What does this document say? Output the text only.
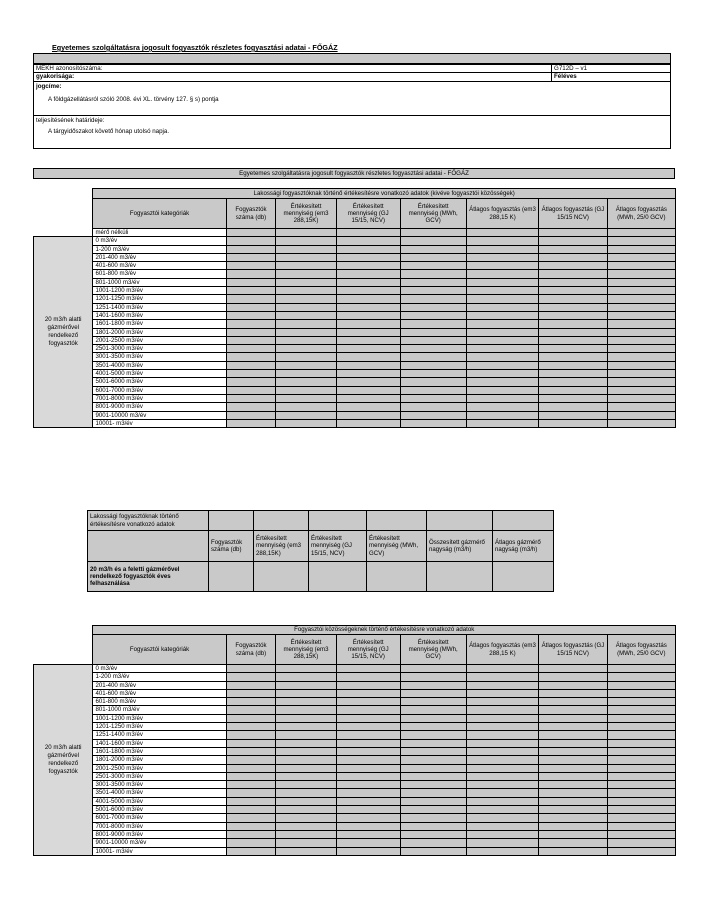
Egyetemes szolgáltatásra jogosult fogyasztók részletes fogyasztási adatai - FŐGÁZ
MEKH azonosítószáma:	G712D – v1
gyakorisága:	Féléves
jogcíme:
A földgázellátásról szóló 2008. évi XL. törvény 127. § s) pontja
teljesítésének határideje:
A tárgyidőszakot követő hónap utolsó napja.
Egyetemes szolgáltatásra jogosult fogyasztók részletes fogyasztási adatai - FŐGÁZ
	Lakossági fogyasztóknak történő értékesítésre vonatkozó adatok (kivéve fogyasztói közösségek)							
	Fogyasztói kategóriák	Fogyasztók száma (db)	Értékesített mennyiség (em3 288,15K)	Értékesített mennyiség (GJ 15/15, NCV)	Értékesített mennyiség (MWh, GCV)	Átlagos fogyasztás (em3 288,15 K)	Átlagos fogyasztás (GJ 15/15 NCV)	Átlagos fogyasztás (MWh, 25/0 GCV)
	mérő nélküli							
20 m3/h alatti gázmérővel rendelkező fogyasztók	0 m3/év							
	1-200 m3/év							
	201-400 m3/év							
	401-600 m3/év							
	601-800 m3/év							
	801-1000 m3/év							
	1001-1200 m3/év							
	1201-1250 m3/év							
	1251-1400 m3/év							
	1401-1600 m3/év							
	1601-1800 m3/év							
	1801-2000 m3/év							
	2001-2500 m3/év							
	2501-3000 m3/év							
	3001-3500 m3/év							
	3501-4000 m3/év							
	4001-5000 m3/év							
	5001-6000 m3/év							
	6001-7000 m3/év							
	7001-8000 m3/év							
	8001-9000 m3/év							
	9001-10000 m3/év							
	10001- m3/év							
Lakossági fogyasztóknak történő értékesítésre vonatkozó adatok						
	Fogyasztók száma (db)	Értékesített mennyiség (em3 288,15K)	Értékesített mennyiség (GJ 15/15, NCV)	Értékesített mennyiség (MWh, GCV)	Összesített gázmérő nagyság (m3/h)	Átlagos gázmérő nagyság (m3/h)
20 m3/h és a feletti gázmérővel rendelkező fogyasztók éves felhasználása						
	Fogyasztói közösségeknek történő értékesítésre vonatkozó adatok							
	Fogyasztói kategóriák	Fogyasztók száma (db)	Értékesített mennyiség (em3 288,15K)	Értékesített mennyiség (GJ 15/15, NCV)	Értékesített mennyiség (MWh, GCV)	Átlagos fogyasztás (em3 288,15 K)	Átlagos fogyasztás (GJ 15/15 NCV)	Átlagos fogyasztás (MWh, 25/0 GCV)
20 m3/h alatti gázmérővel rendelkező fogyasztók	0 m3/év							
	1-200 m3/év							
	201-400 m3/év							
	401-600 m3/év							
	601-800 m3/év							
	801-1000 m3/év							
	1001-1200 m3/év							
	1201-1250 m3/év							
	1251-1400 m3/év							
	1401-1600 m3/év							
	1601-1800 m3/év							
	1801-2000 m3/év							
	2001-2500 m3/év							
	2501-3000 m3/év							
	3001-3500 m3/év							
	3501-4000 m3/év							
	4001-5000 m3/év							
	5001-6000 m3/év							
	6001-7000 m3/év							
	7001-8000 m3/év							
	8001-9000 m3/év							
	9001-10000 m3/év							
	10001- m3/év							
